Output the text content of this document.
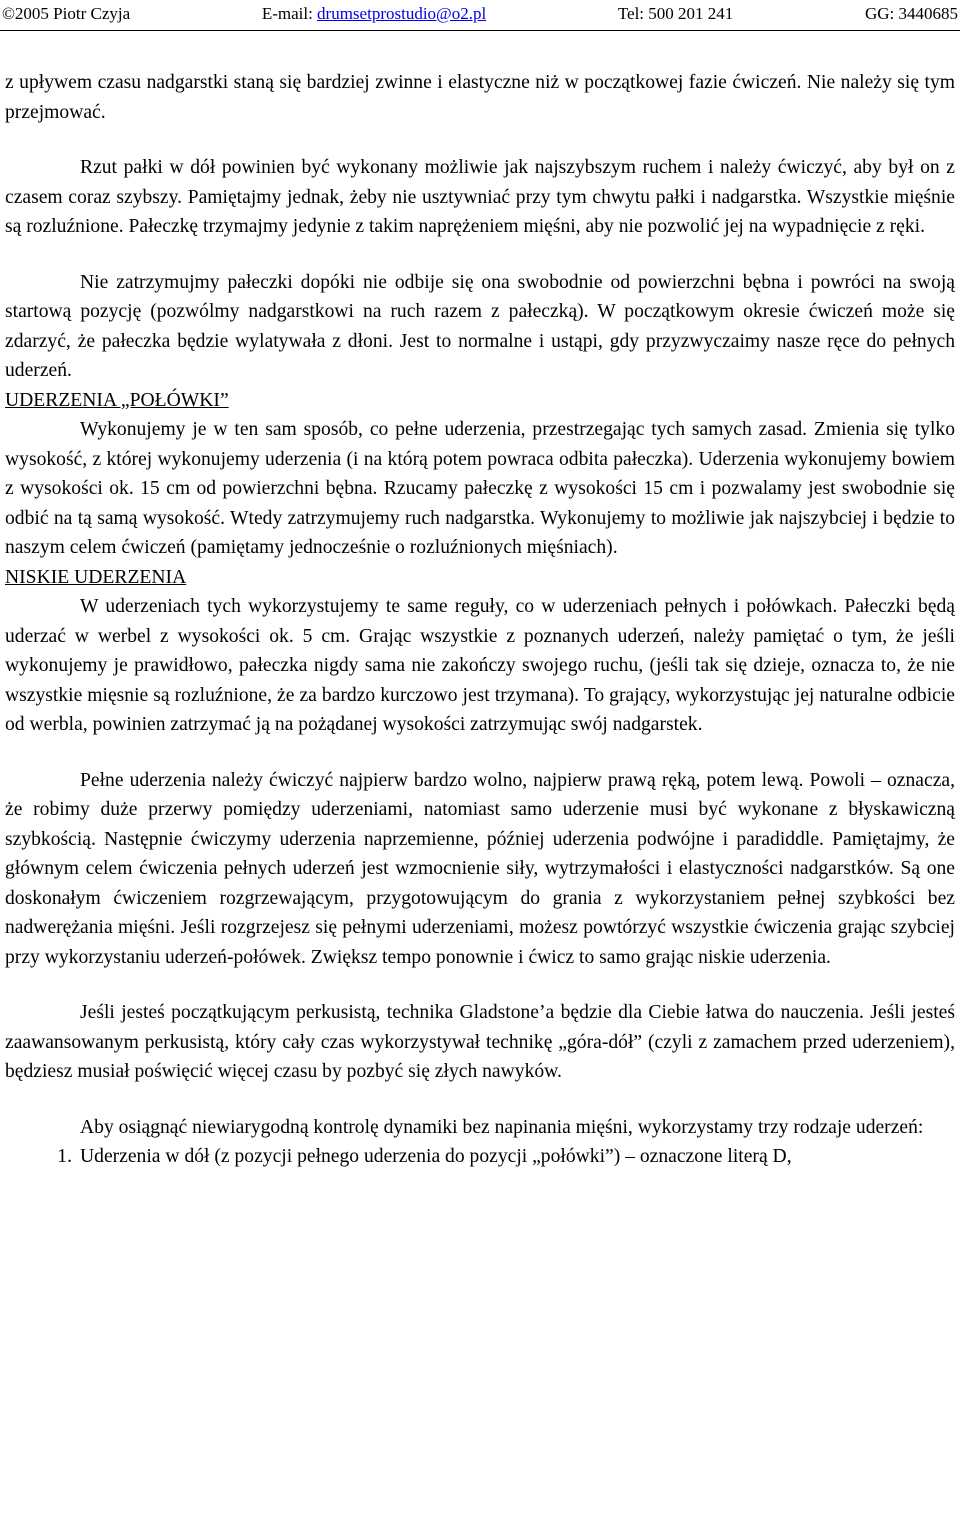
©2005 Piotr Czyja	E-mail: drumsetprostudio@o2.pl	Tel: 500 201 241	GG: 3440685

z upływem czasu nadgarstki staną się bardziej zwinne i elastyczne niż w początkowej fazie ćwiczeń. Nie należy się tym przejmować.

Rzut pałki w dół powinien być wykonany możliwie jak najszybszym ruchem i należy ćwiczyć, aby był on z czasem coraz szybszy. Pamiętajmy jednak, żeby nie usztywniać przy tym chwytu pałki i nadgarstka. Wszystkie mięśnie są rozluźnione. Pałeczkę trzymajmy jedynie z takim naprężeniem mięśni, aby nie pozwolić jej na wypadnięcie z ręki.

Nie zatrzymujmy pałeczki dopóki nie odbije się ona swobodnie od powierzchni bębna i powróci na swoją startową pozycję (pozwólmy nadgarstkowi na ruch razem z pałeczką). W początkowym okresie ćwiczeń może się zdarzyć, że pałeczka będzie wylatywała z dłoni. Jest to normalne i ustąpi, gdy przyzwyczaimy nasze ręce do pełnych uderzeń.

UDERZENIA „POŁÓWKI”

Wykonujemy je w ten sam sposób, co pełne uderzenia, przestrzegając tych samych zasad. Zmienia się tylko wysokość, z której wykonujemy uderzenia (i na którą potem powraca odbita pałeczka). Uderzenia wykonujemy bowiem z wysokości ok. 15 cm od powierzchni bębna. Rzucamy pałeczkę z wysokości 15 cm i pozwalamy jest swobodnie się odbić na tą samą wysokość. Wtedy zatrzymujemy ruch nadgarstka. Wykonujemy to możliwie jak najszybciej i będzie to naszym celem ćwiczeń (pamiętamy jednocześnie o rozluźnionych mięśniach).

NISKIE UDERZENIA

W uderzeniach tych wykorzystujemy te same reguły, co w uderzeniach pełnych i połówkach. Pałeczki będą uderzać w werbel z wysokości ok. 5 cm. Grając wszystkie z poznanych uderzeń, należy pamiętać o tym, że jeśli wykonujemy je prawidłowo, pałeczka nigdy sama nie zakończy swojego ruchu, (jeśli tak się dzieje, oznacza to, że nie wszystkie mięsnie są rozluźnione, że za bardzo kurczowo jest trzymana). To grający, wykorzystując jej naturalne odbicie od werbla, powinien zatrzymać ją na pożądanej wysokości zatrzymując swój nadgarstek.

Pełne uderzenia należy ćwiczyć najpierw bardzo wolno, najpierw prawą ręką, potem lewą. Powoli – oznacza, że robimy duże przerwy pomiędzy uderzeniami, natomiast samo uderzenie musi być wykonane z błyskawiczną szybkością. Następnie ćwiczymy uderzenia naprzemienne, później uderzenia podwójne i paradiddle. Pamiętajmy, że głównym celem ćwiczenia pełnych uderzeń jest wzmocnienie siły, wytrzymałości i elastyczności nadgarstków. Są one doskonałym ćwiczeniem rozgrzewającym, przygotowującym do grania z wykorzystaniem pełnej szybkości bez nadwerężania mięśni. Jeśli rozgrzejesz się pełnymi uderzeniami, możesz powtórzyć wszystkie ćwiczenia grając szybciej przy wykorzystaniu uderzeń-połówek. Zwiększ tempo ponownie i ćwicz to samo grając niskie uderzenia.

Jeśli jesteś początkującym perkusistą, technika Gladstone’a będzie dla Ciebie łatwa do nauczenia. Jeśli jesteś zaawansowanym perkusistą, który cały czas wykorzystywał technikę „góra-dół” (czyli z zamachem przed uderzeniem), będziesz musiał poświęcić więcej czasu by pozbyć się złych nawyków.

Aby osiągnąć niewiarygodną kontrolę dynamiki bez napinania mięśni, wykorzystamy trzy rodzaje uderzeń:

1. Uderzenia w dół (z pozycji pełnego uderzenia do pozycji „połówki”) – oznaczone literą D,
